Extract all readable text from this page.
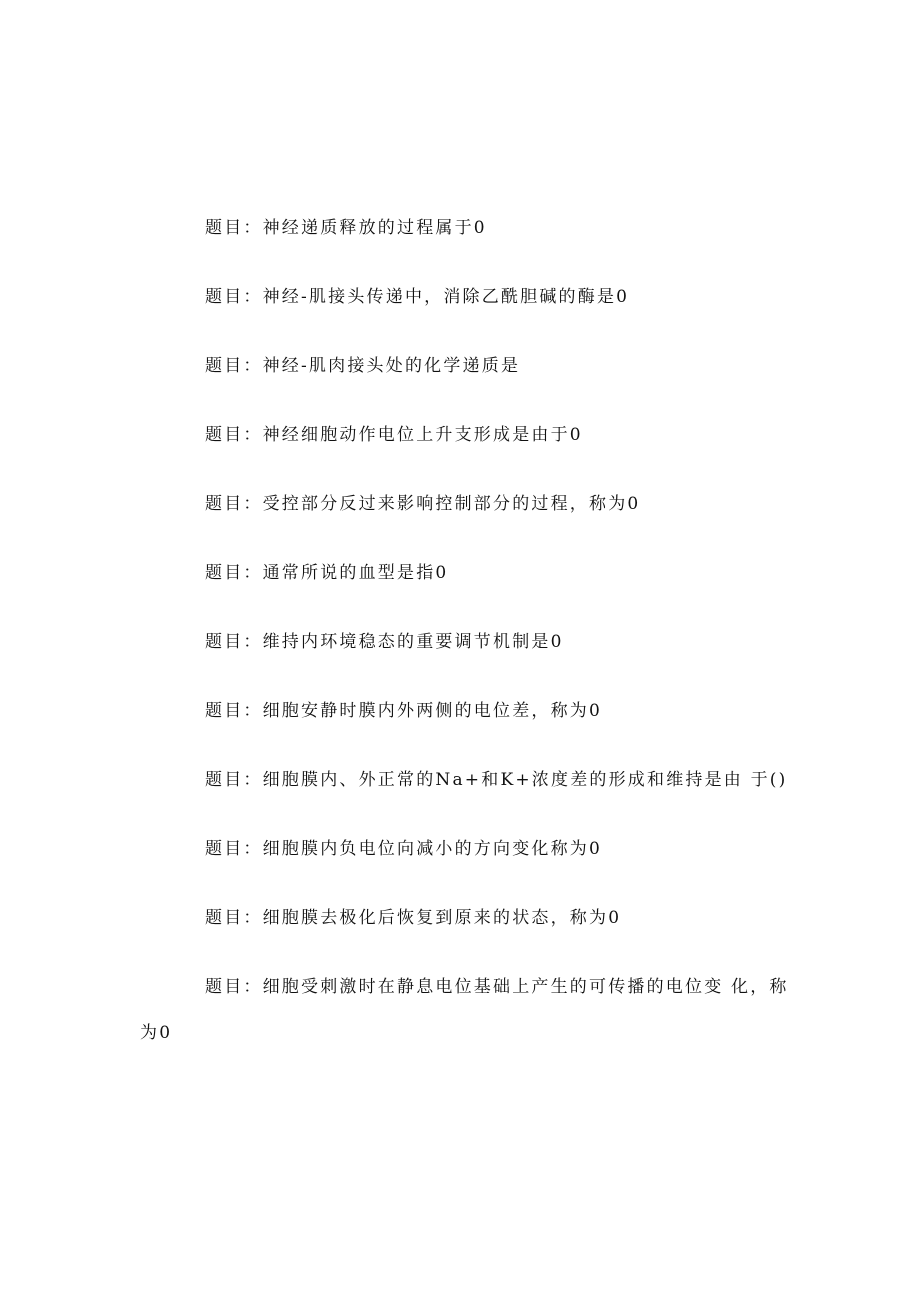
题目：神经递质释放的过程属于0

题目：神经-肌接头传递中，消除乙酰胆碱的酶是0

题目：神经-肌肉接头处的化学递质是

题目：神经细胞动作电位上升支形成是由于0

题目：受控部分反过来影响控制部分的过程，称为0

题目：通常所说的血型是指0

题目：维持内环境稳态的重要调节机制是0

题目：细胞安静时膜内外两侧的电位差，称为0

题目：细胞膜内、外正常的Na+和K+浓度差的形成和维持是由 于()

题目：细胞膜内负电位向减小的方向变化称为0

题目：细胞膜去极化后恢复到原来的状态，称为0

题目：细胞受刺激时在静息电位基础上产生的可传播的电位变 化，称
为0
